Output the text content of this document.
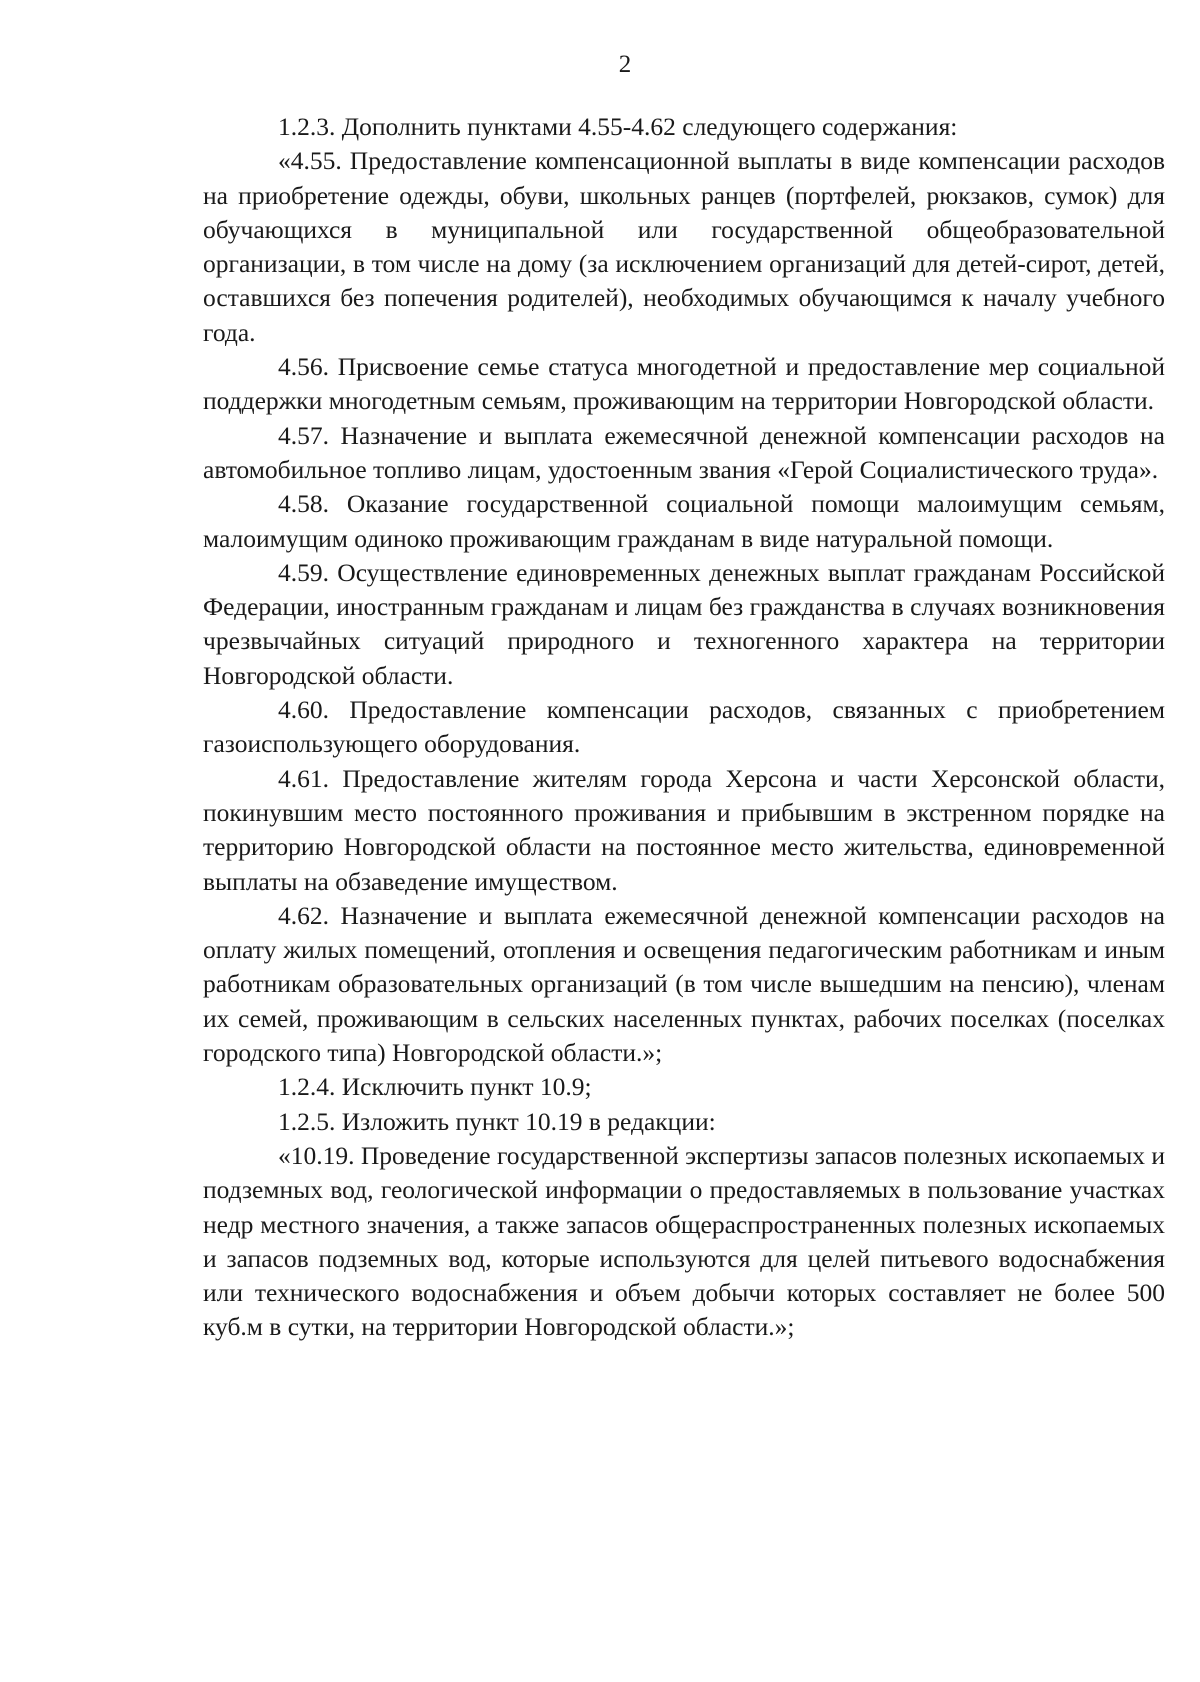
2

1.2.3. Дополнить пунктами 4.55-4.62 следующего содержания:

«4.55. Предоставление компенсационной выплаты в виде компенсации расходов на приобретение одежды, обуви, школьных ранцев (портфелей, рюкзаков, сумок) для обучающихся в муниципальной или государственной общеобразовательной организации, в том числе на дому (за исключением организаций для детей-сирот, детей, оставшихся без попечения родителей), необходимых обучающимся к началу учебного года.

4.56. Присвоение семье статуса многодетной и предоставление мер социальной поддержки многодетным семьям, проживающим на территории Новгородской области.

4.57. Назначение и выплата ежемесячной денежной компенсации расходов на автомобильное топливо лицам, удостоенным звания «Герой Социалистического труда».

4.58. Оказание государственной социальной помощи малоимущим семьям, малоимущим одиноко проживающим гражданам в виде натуральной помощи.

4.59. Осуществление единовременных денежных выплат гражданам Российской Федерации, иностранным гражданам и лицам без гражданства в случаях возникновения чрезвычайных ситуаций природного и техногенного характера на территории Новгородской области.

4.60. Предоставление компенсации расходов, связанных с приобретением газоиспользующего оборудования.

4.61. Предоставление жителям города Херсона и части Херсонской области, покинувшим место постоянного проживания и прибывшим в экстренном порядке на территорию Новгородской области на постоянное место жительства, единовременной выплаты на обзаведение имуществом.

4.62. Назначение и выплата ежемесячной денежной компенсации расходов на оплату жилых помещений, отопления и освещения педагогическим работникам и иным работникам образовательных организаций (в том числе вышедшим на пенсию), членам их семей, проживающим в сельских населенных пунктах, рабочих поселках (поселках городского типа) Новгородской области.»;

1.2.4. Исключить пункт 10.9;

1.2.5. Изложить пункт 10.19 в редакции:

«10.19. Проведение государственной экспертизы запасов полезных ископаемых и подземных вод, геологической информации о предоставляемых в пользование участках недр местного значения, а также запасов общераспространенных полезных ископаемых и запасов подземных вод, которые используются для целей питьевого водоснабжения или технического водоснабжения и объем добычи которых составляет не более 500 куб.м в сутки, на территории Новгородской области.»;
